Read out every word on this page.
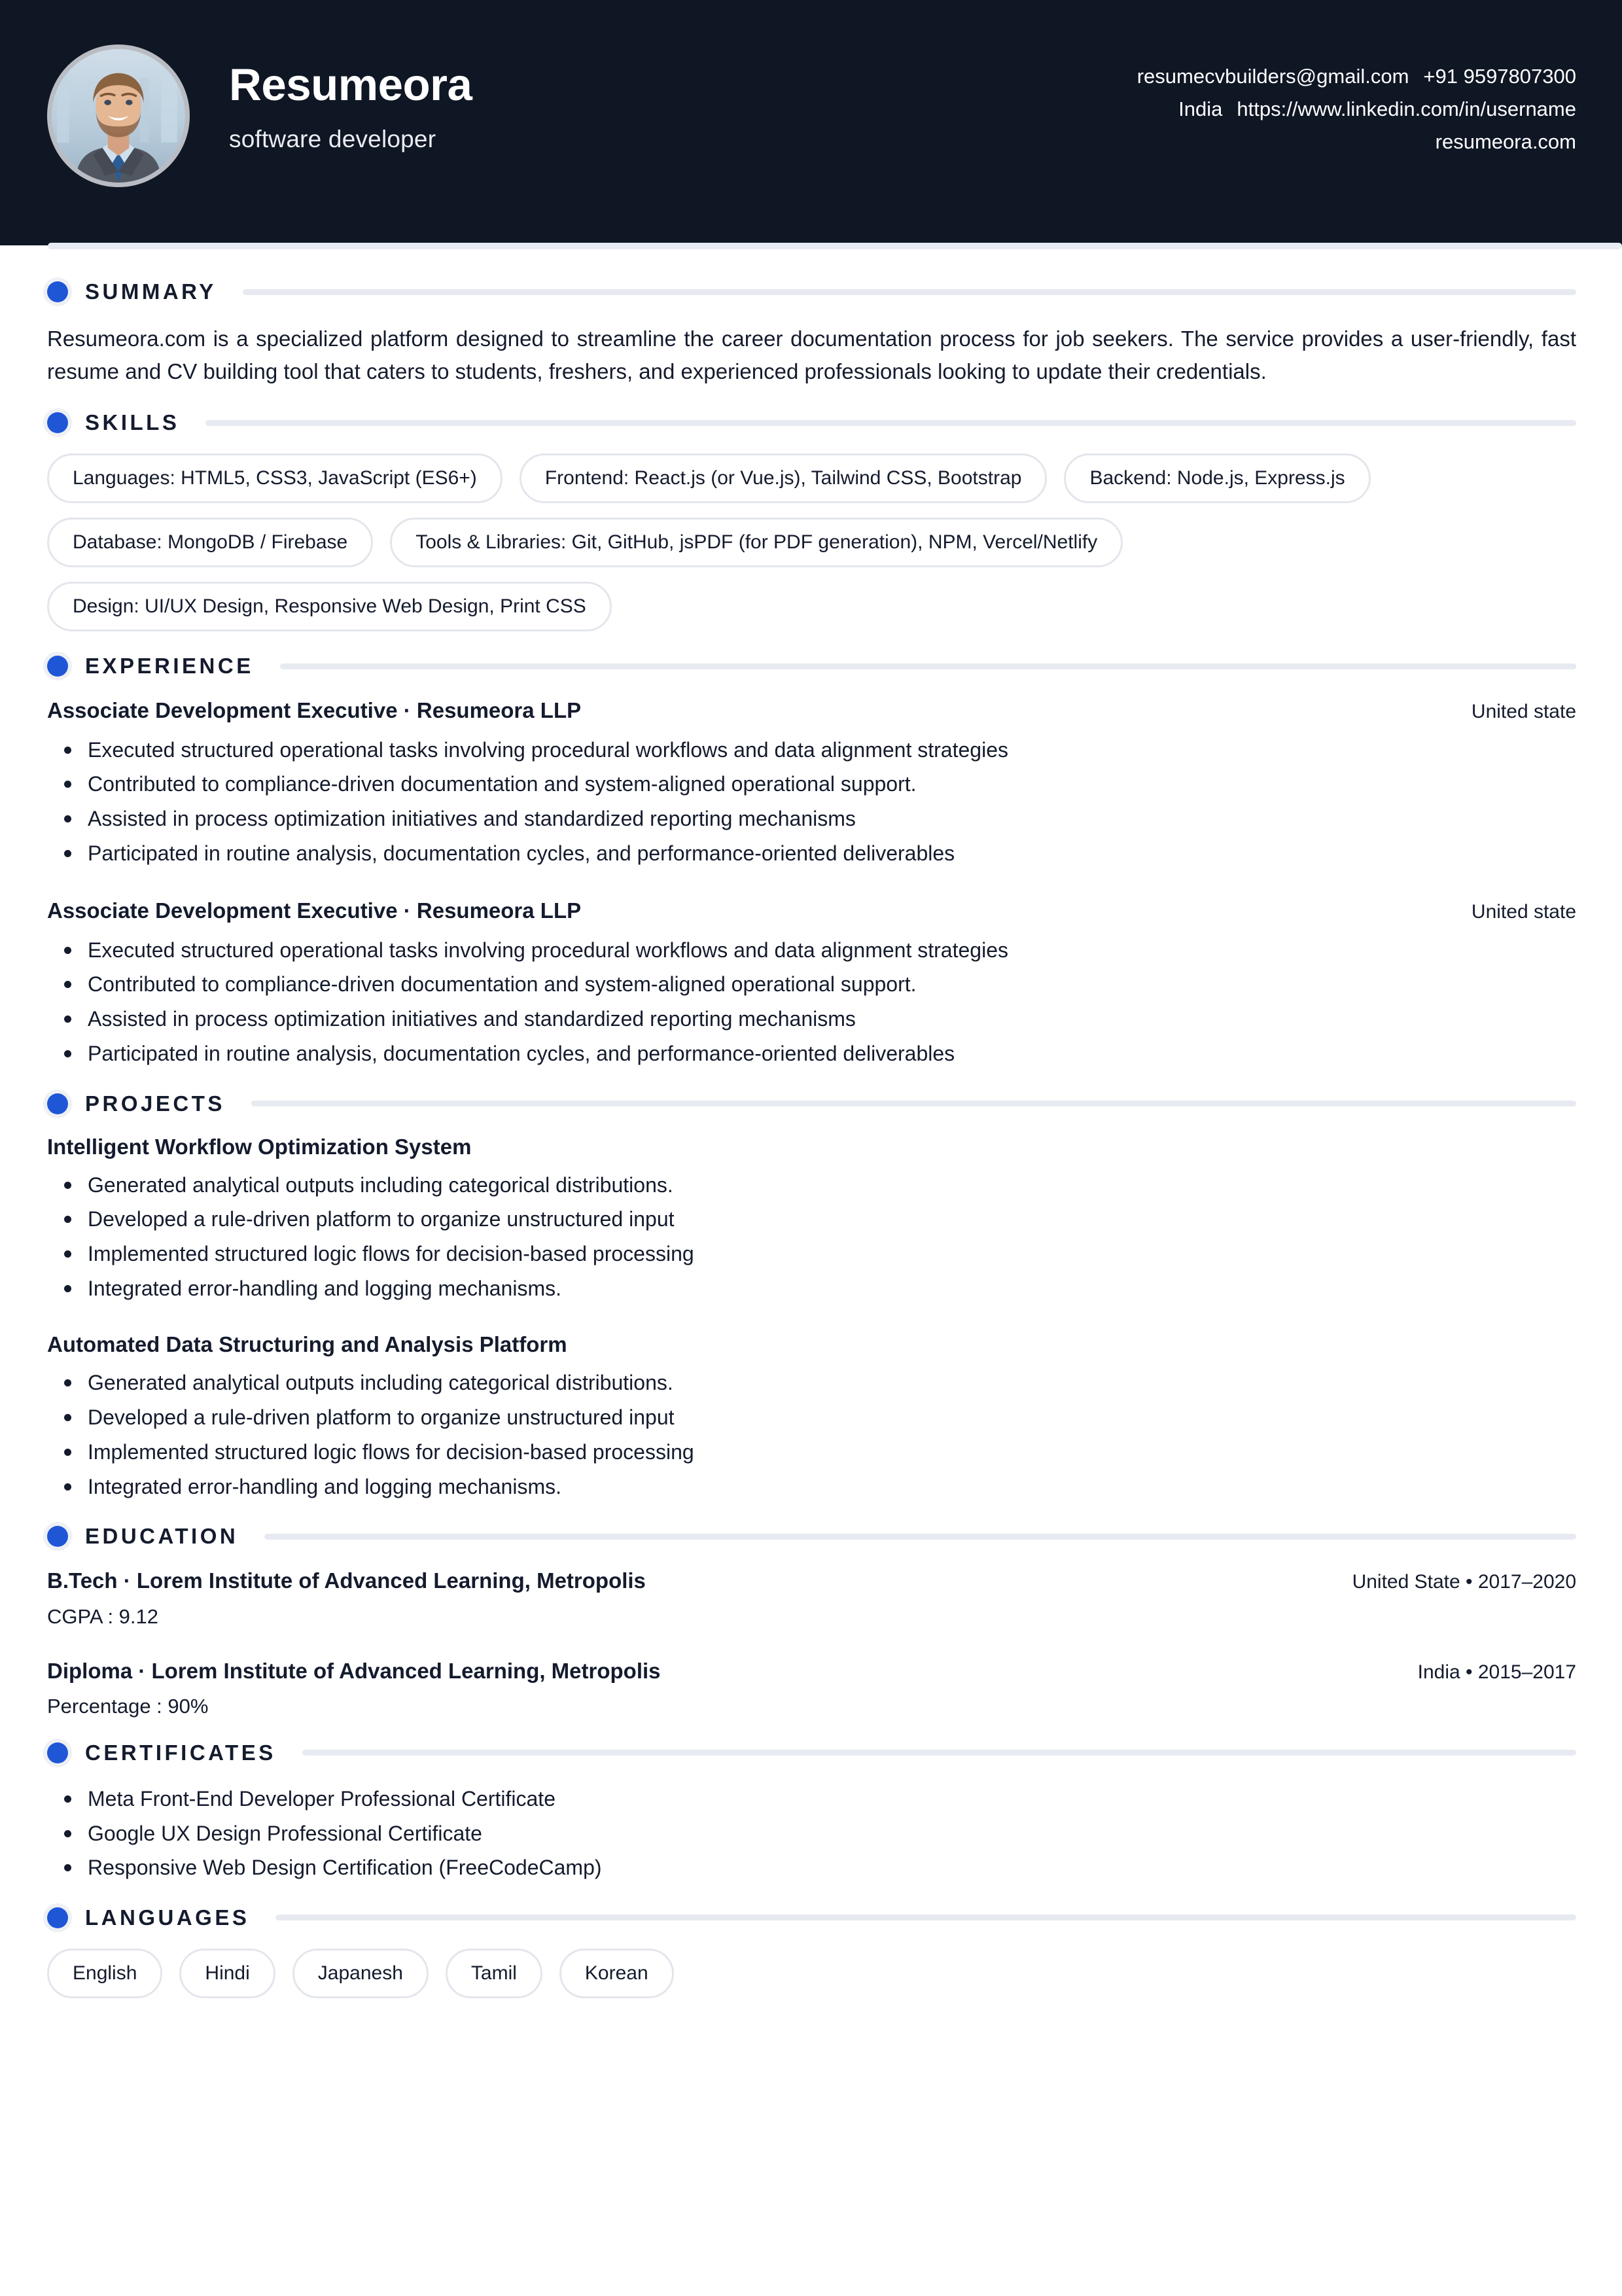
Resumeora
software developer
resumecvbuilders@gmail.com +91 9597807300
India https://www.linkedin.com/in/username
resumeora.com
SUMMARY
Resumeora.com is a specialized platform designed to streamline the career documentation process for job seekers. The service provides a user-friendly, fast resume and CV building tool that caters to students, freshers, and experienced professionals looking to update their credentials.
SKILLS
Languages: HTML5, CSS3, JavaScript (ES6+)	Frontend: React.js (or Vue.js), Tailwind CSS, Bootstrap	Backend: Node.js, Express.js
Database: MongoDB / Firebase	Tools & Libraries: Git, GitHub, jsPDF (for PDF generation), NPM, Vercel/Netlify
Design: UI/UX Design, Responsive Web Design, Print CSS
EXPERIENCE
Associate Development Executive · Resumeora LLP	United state
Executed structured operational tasks involving procedural workflows and data alignment strategies
Contributed to compliance-driven documentation and system-aligned operational support.
Assisted in process optimization initiatives and standardized reporting mechanisms
Participated in routine analysis, documentation cycles, and performance-oriented deliverables
Associate Development Executive · Resumeora LLP	United state
Executed structured operational tasks involving procedural workflows and data alignment strategies
Contributed to compliance-driven documentation and system-aligned operational support.
Assisted in process optimization initiatives and standardized reporting mechanisms
Participated in routine analysis, documentation cycles, and performance-oriented deliverables
PROJECTS
Intelligent Workflow Optimization System
Generated analytical outputs including categorical distributions.
Developed a rule-driven platform to organize unstructured input
Implemented structured logic flows for decision-based processing
Integrated error-handling and logging mechanisms.
Automated Data Structuring and Analysis Platform
Generated analytical outputs including categorical distributions.
Developed a rule-driven platform to organize unstructured input
Implemented structured logic flows for decision-based processing
Integrated error-handling and logging mechanisms.
EDUCATION
B.Tech · Lorem Institute of Advanced Learning, Metropolis	United State • 2017–2020
CGPA : 9.12
Diploma · Lorem Institute of Advanced Learning, Metropolis	India • 2015–2017
Percentage : 90%
CERTIFICATES
Meta Front-End Developer Professional Certificate
Google UX Design Professional Certificate
Responsive Web Design Certification (FreeCodeCamp)
LANGUAGES
English	Hindi	Japanesh	Tamil	Korean
